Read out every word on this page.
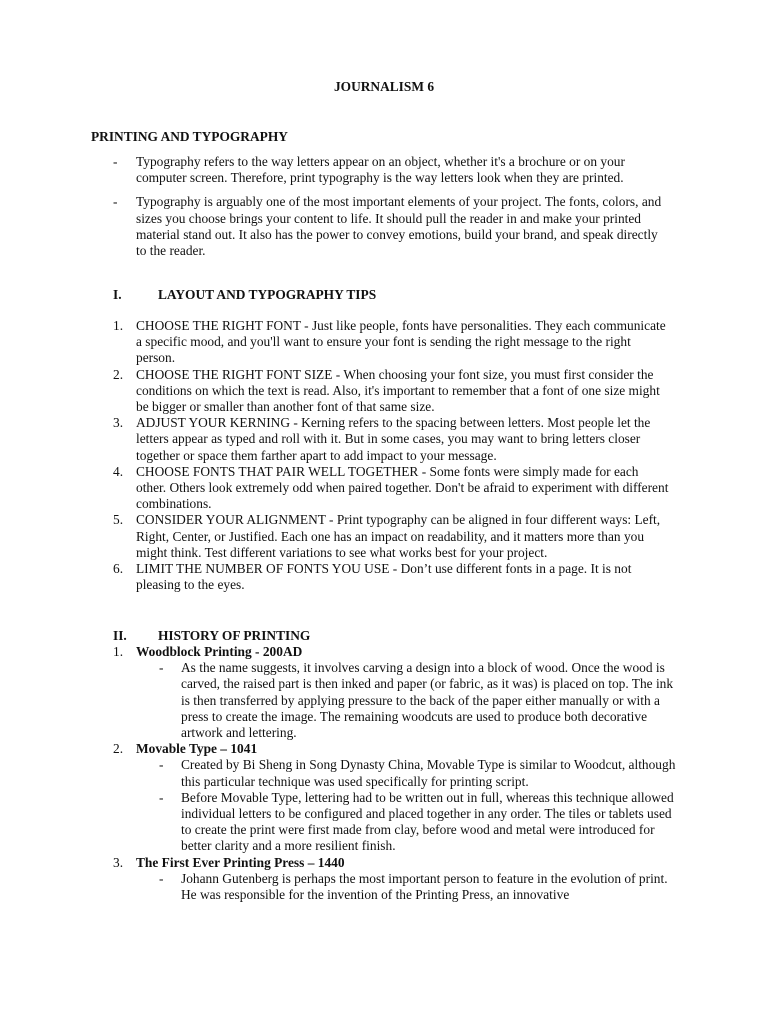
JOURNALISM 6
PRINTING AND TYPOGRAPHY
- Typography refers to the way letters appear on an object, whether it's a brochure or on your computer screen. Therefore, print typography is the way letters look when they are printed.
- Typography is arguably one of the most important elements of your project. The fonts, colors, and sizes you choose brings your content to life. It should pull the reader in and make your printed material stand out. It also has the power to convey emotions, build your brand, and speak directly to the reader.
I.	LAYOUT AND TYPOGRAPHY TIPS
1. CHOOSE THE RIGHT FONT - Just like people, fonts have personalities. They each communicate a specific mood, and you'll want to ensure your font is sending the right message to the right person.
2. CHOOSE THE RIGHT FONT SIZE - When choosing your font size, you must first consider the conditions on which the text is read. Also, it's important to remember that a font of one size might be bigger or smaller than another font of that same size.
3. ADJUST YOUR KERNING - Kerning refers to the spacing between letters. Most people let the letters appear as typed and roll with it. But in some cases, you may want to bring letters closer together or space them farther apart to add impact to your message.
4. CHOOSE FONTS THAT PAIR WELL TOGETHER - Some fonts were simply made for each other. Others look extremely odd when paired together. Don't be afraid to experiment with different combinations.
5. CONSIDER YOUR ALIGNMENT - Print typography can be aligned in four different ways: Left, Right, Center, or Justified. Each one has an impact on readability, and it matters more than you might think. Test different variations to see what works best for your project.
6. LIMIT THE NUMBER OF FONTS YOU USE - Don’t use different fonts in a page. It is not pleasing to the eyes.
II. HISTORY OF PRINTING
1. Woodblock Printing - 200AD
- As the name suggests, it involves carving a design into a block of wood. Once the wood is carved, the raised part is then inked and paper (or fabric, as it was) is placed on top. The ink is then transferred by applying pressure to the back of the paper either manually or with a press to create the image. The remaining woodcuts are used to produce both decorative artwork and lettering.
2. Movable Type – 1041
- Created by Bi Sheng in Song Dynasty China, Movable Type is similar to Woodcut, although this particular technique was used specifically for printing script.
- Before Movable Type, lettering had to be written out in full, whereas this technique allowed individual letters to be configured and placed together in any order. The tiles or tablets used to create the print were first made from clay, before wood and metal were introduced for better clarity and a more resilient finish.
3. The First Ever Printing Press – 1440
- Johann Gutenberg is perhaps the most important person to feature in the evolution of print. He was responsible for the invention of the Printing Press, an innovative
